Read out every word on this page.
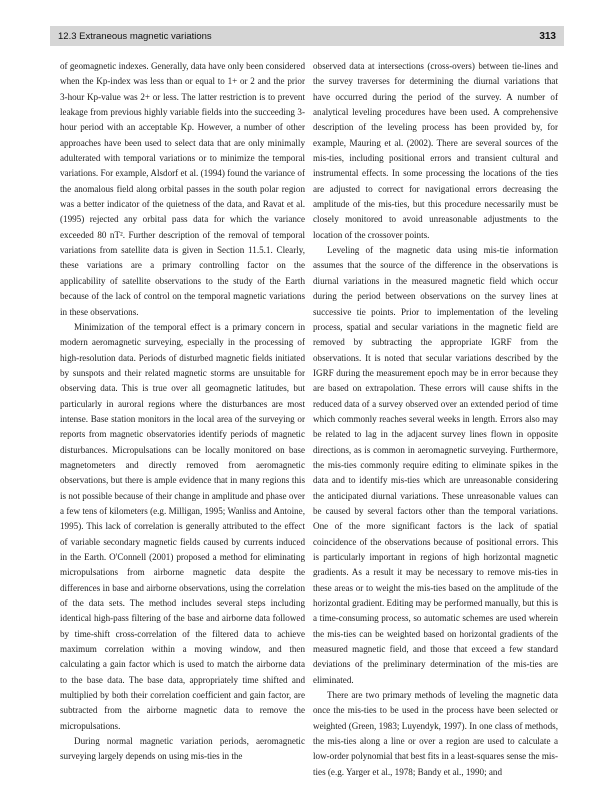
12.3 Extraneous magnetic variations	313

of geomagnetic indexes. Generally, data have only been considered when the Kp-index was less than or equal to 1+ or 2 and the prior 3-hour Kp-value was 2+ or less. The latter restriction is to prevent leakage from previous highly variable fields into the succeeding 3-hour period with an acceptable Kp. However, a number of other approaches have been used to select data that are only minimally adulterated with temporal variations or to minimize the temporal variations. For example, Alsdorf et al. (1994) found the variance of the anomalous field along orbital passes in the south polar region was a better indicator of the quietness of the data, and Ravat et al. (1995) rejected any orbital pass data for which the variance exceeded 80 nT². Further description of the removal of temporal variations from satellite data is given in Section 11.5.1. Clearly, these variations are a primary controlling factor on the applicability of satellite observations to the study of the Earth because of the lack of control on the temporal magnetic variations in these observations.

Minimization of the temporal effect is a primary concern in modern aeromagnetic surveying, especially in the processing of high-resolution data. Periods of disturbed magnetic fields initiated by sunspots and their related magnetic storms are unsuitable for observing data. This is true over all geomagnetic latitudes, but particularly in auroral regions where the disturbances are most intense. Base station monitors in the local area of the surveying or reports from magnetic observatories identify periods of magnetic disturbances. Micropulsations can be locally monitored on base magnetometers and directly removed from aeromagnetic observations, but there is ample evidence that in many regions this is not possible because of their change in amplitude and phase over a few tens of kilometers (e.g. Milligan, 1995; Wanliss and Antoine, 1995). This lack of correlation is generally attributed to the effect of variable secondary magnetic fields caused by currents induced in the Earth. O'Connell (2001) proposed a method for eliminating micropulsations from airborne magnetic data despite the differences in base and airborne observations, using the correlation of the data sets. The method includes several steps including identical high-pass filtering of the base and airborne data followed by time-shift cross-correlation of the filtered data to achieve maximum correlation within a moving window, and then calculating a gain factor which is used to match the airborne data to the base data. The base data, appropriately time shifted and multiplied by both their correlation coefficient and gain factor, are subtracted from the airborne magnetic data to remove the micropulsations.

During normal magnetic variation periods, aeromagnetic surveying largely depends on using mis-ties in the

observed data at intersections (cross-overs) between tie-lines and the survey traverses for determining the diurnal variations that have occurred during the period of the survey. A number of analytical leveling procedures have been used. A comprehensive description of the leveling process has been provided by, for example, Mauring et al. (2002). There are several sources of the mis-ties, including positional errors and transient cultural and instrumental effects. In some processing the locations of the ties are adjusted to correct for navigational errors decreasing the amplitude of the mis-ties, but this procedure necessarily must be closely monitored to avoid unreasonable adjustments to the location of the crossover points.

Leveling of the magnetic data using mis-tie information assumes that the source of the difference in the observations is diurnal variations in the measured magnetic field which occur during the period between observations on the survey lines at successive tie points. Prior to implementation of the leveling process, spatial and secular variations in the magnetic field are removed by subtracting the appropriate IGRF from the observations. It is noted that secular variations described by the IGRF during the measurement epoch may be in error because they are based on extrapolation. These errors will cause shifts in the reduced data of a survey observed over an extended period of time which commonly reaches several weeks in length. Errors also may be related to lag in the adjacent survey lines flown in opposite directions, as is common in aeromagnetic surveying. Furthermore, the mis-ties commonly require editing to eliminate spikes in the data and to identify mis-ties which are unreasonable considering the anticipated diurnal variations. These unreasonable values can be caused by several factors other than the temporal variations. One of the more significant factors is the lack of spatial coincidence of the observations because of positional errors. This is particularly important in regions of high horizontal magnetic gradients. As a result it may be necessary to remove mis-ties in these areas or to weight the mis-ties based on the amplitude of the horizontal gradient. Editing may be performed manually, but this is a time-consuming process, so automatic schemes are used wherein the mis-ties can be weighted based on horizontal gradients of the measured magnetic field, and those that exceed a few standard deviations of the preliminary determination of the mis-ties are eliminated.

There are two primary methods of leveling the magnetic data once the mis-ties to be used in the process have been selected or weighted (Green, 1983; Luyendyk, 1997). In one class of methods, the mis-ties along a line or over a region are used to calculate a low-order polynomial that best fits in a least-squares sense the mis-ties (e.g. Yarger et al., 1978; Bandy et al., 1990; and
